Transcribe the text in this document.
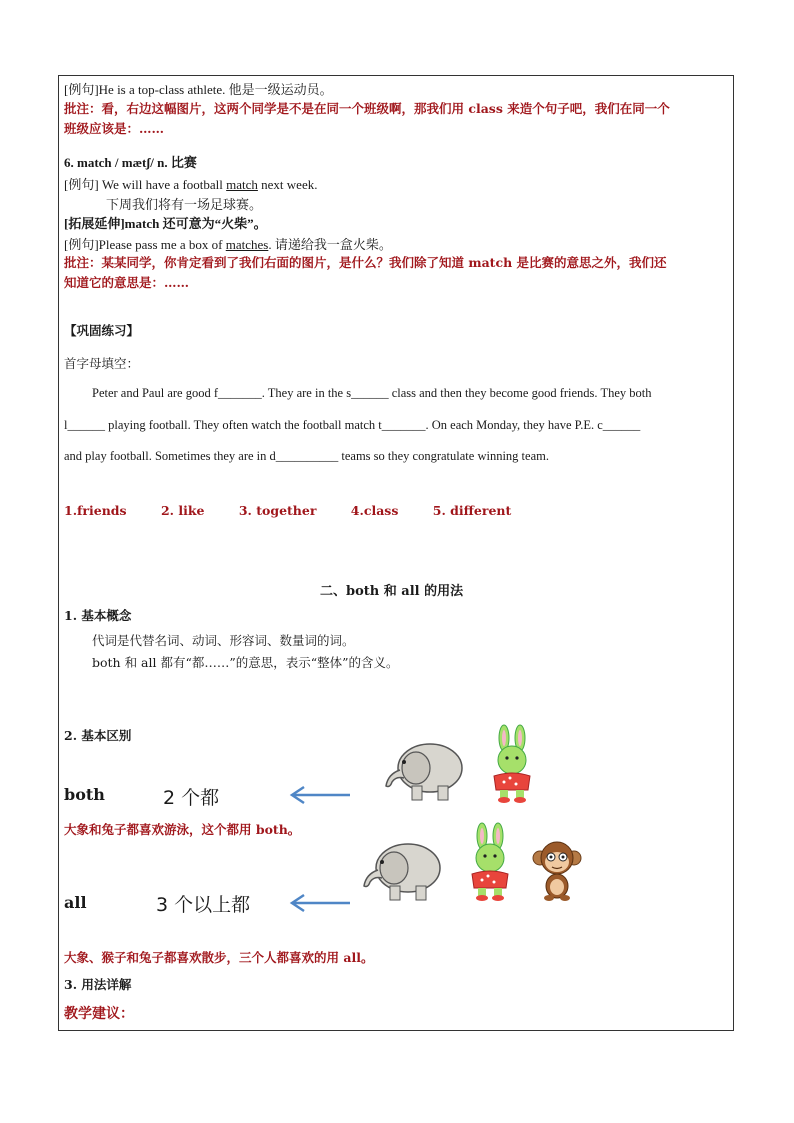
[例句]He is a top-class athlete. 他是一级运动员。
批注：看，右边这幅图片，这两个同学是不是在同一个班级啊，那我们用 class 来造个句子吧，我们在同一个
班级应该是：……
6. match / mætʃ/ n. 比赛
[例句] We will have a football match next week.
下周我们将有一场足球赛。
[拓展延伸]match 还可意为“火柴”。
[例句]Please pass me a box of matches. 请递给我一盒火柴。
批注：某某同学，你肯定看到了我们右面的图片，是什么？我们除了知道 match 是比赛的意思之外，我们还
知道它的意思是：……
【巩固练习】
首字母填空：
Peter and Paul are good f_______. They are in the s______ class and then they become good friends. They both
l______ playing football. They often watch the football match t_______. On each Monday, they have P.E. c______
and play football. Sometimes they are in d__________ teams so they congratulate winning team.
1.friends	2. like	3. together	4.class	5. different
二、both 和 all 的用法
1. 基本概念
代词是代替名词、动词、形容词、数量词的词。
both 和 all 都有“都……”的意思，表示“整体”的含义。
2. 基本区别
both	2 个都
大象和兔子都喜欢游泳，这个都用 both。
all	3 个以上都
大象、猴子和兔子都喜欢散步，三个人都喜欢的用 all。
3. 用法详解
教学建议：
